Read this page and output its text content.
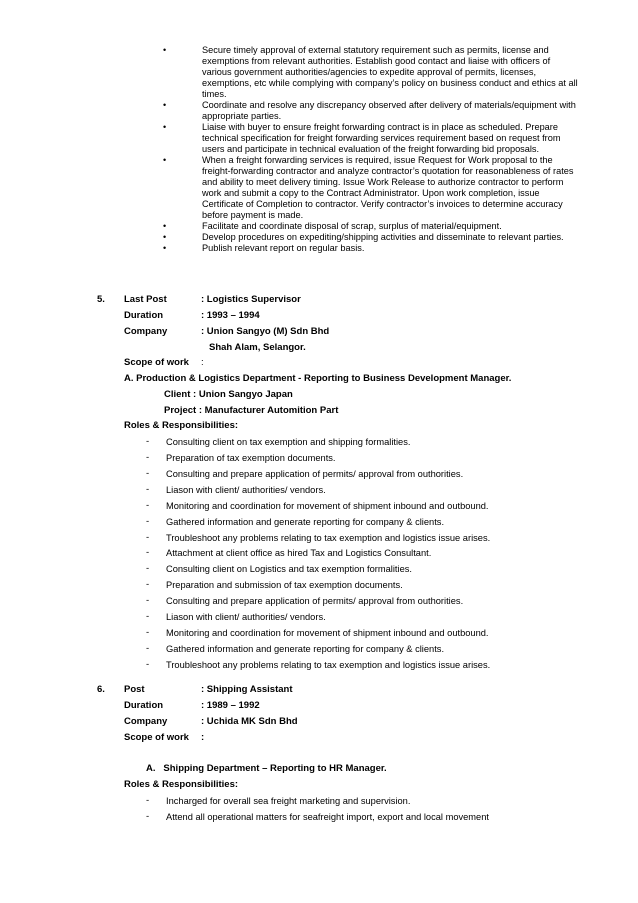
•	Secure timely approval of external statutory requirement such as permits, license and exemptions from relevant authorities. Establish good contact and liaise with officers of various government authorities/agencies to expedite approval of permits, licenses, exemptions, etc while complying with company’s policy on business conduct and ethics at all times.
•	Coordinate and resolve any discrepancy observed after delivery of materials/equipment with appropriate parties.
•	Liaise with buyer to ensure freight forwarding contract is in place as scheduled. Prepare technical specification for freight forwarding services requirement based on request from users and participate in technical evaluation of the freight forwarding bid proposals.
•	When a freight forwarding services is required, issue Request for Work proposal to the freight-forwarding contractor and analyze contractor’s quotation for reasonableness of rates and ability to meet delivery timing. Issue Work Release to authorize contractor to perform work and submit a copy to the Contract Administrator. Upon work completion, issue Certificate of Completion to contractor. Verify contractor’s invoices to determine accuracy before payment is made.
•	Facilitate and coordinate disposal of scrap, surplus of material/equipment.
•	Develop procedures on expediting/shipping activities and disseminate to relevant parties.
•	Publish relevant report on regular basis.
5. Last Post	: Logistics Supervisor
Duration	: 1993 – 1994
Company	: Union Sangyo (M) Sdn Bhd
Shah Alam, Selangor.
Scope of work :
A. Production & Logistics Department - Reporting to Business Development Manager.
Client : Union Sangyo Japan
Project : Manufacturer Automition Part
Roles & Responsibilities:
- Consulting client on tax exemption and shipping formalities.
- Preparation of tax exemption documents.
- Consulting and prepare application of permits/ approval from outhorities.
- Liason with client/ authorities/ vendors.
- Monitoring and coordination for movement of shipment inbound and outbound.
- Gathered information and generate reporting for company & clients.
- Troubleshoot any problems relating to tax exemption and logistics issue arises.
- Attachment at client office as hired Tax and Logistics Consultant.
- Consulting client on Logistics and tax exemption formalities.
- Preparation and submission of tax exemption documents.
- Consulting and prepare application of permits/ approval from outhorities.
- Liason with client/ authorities/ vendors.
- Monitoring and coordination for movement of shipment inbound and outbound.
- Gathered information and generate reporting for company & clients.
- Troubleshoot any problems relating to tax exemption and logistics issue arises.
6. Post	: Shipping Assistant
Duration	: 1989 – 1992
Company	: Uchida MK Sdn Bhd
Scope of work :
A.   Shipping Department – Reporting to HR Manager.
Roles & Responsibilities:
- Incharged for overall sea freight marketing and supervision.
- Attend all operational matters for seafreight import, export and local movement
